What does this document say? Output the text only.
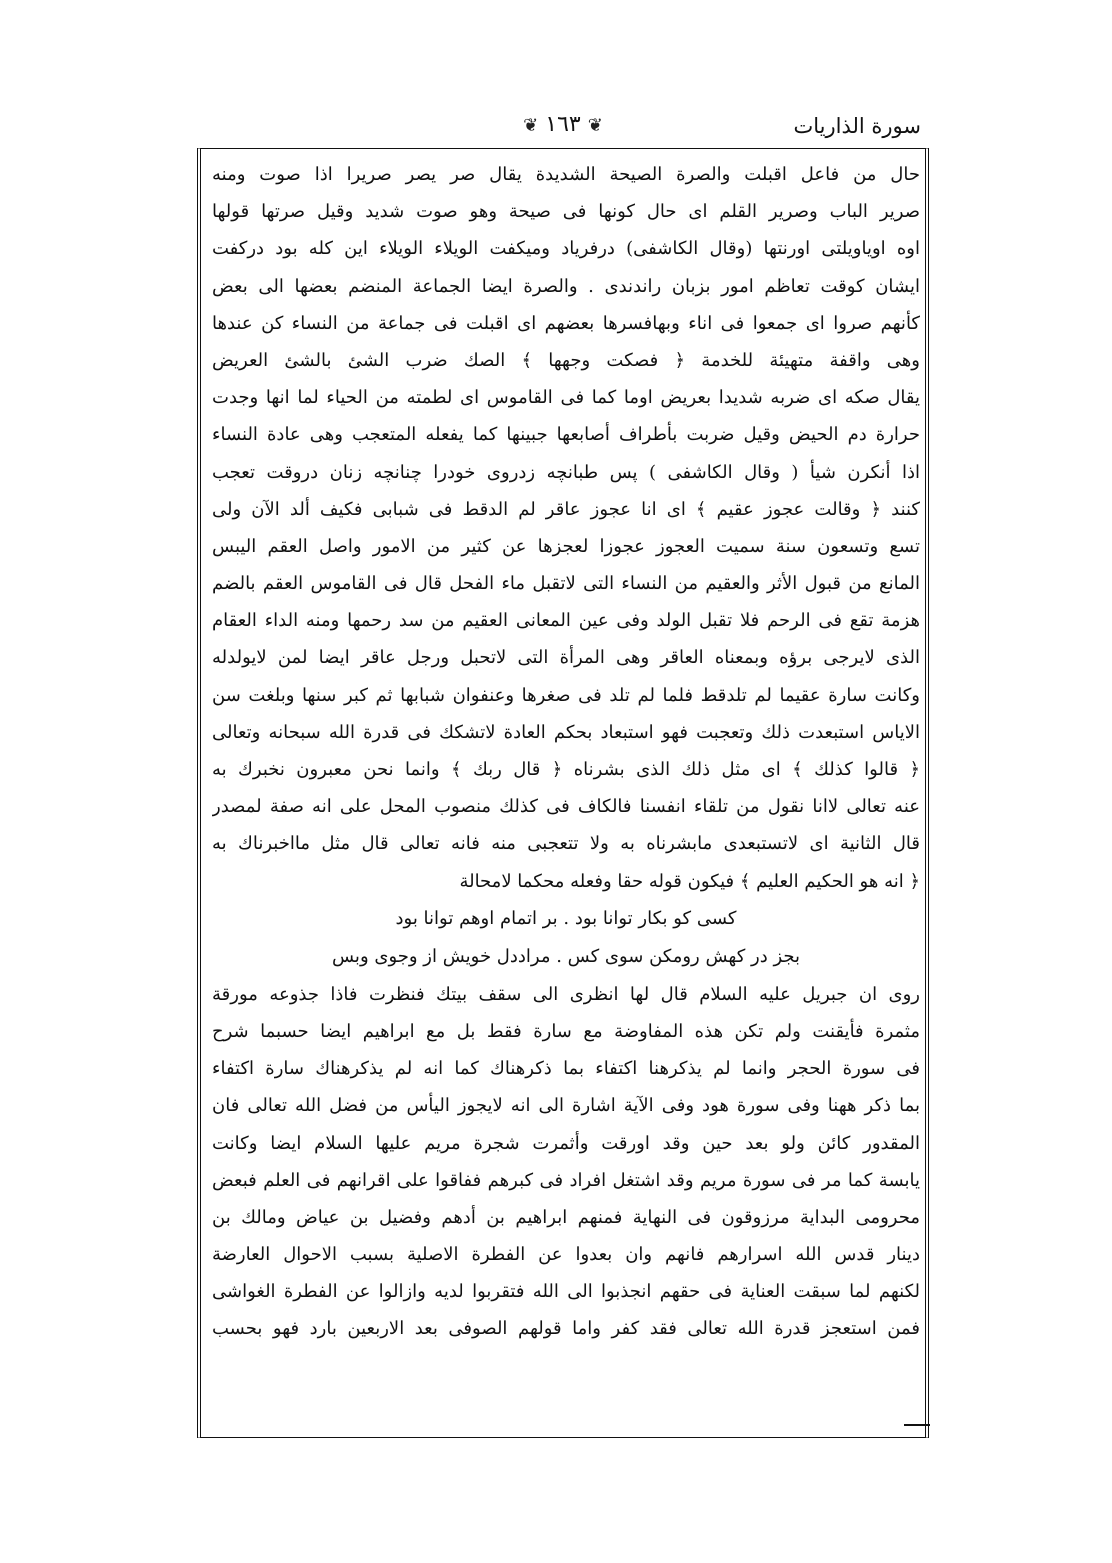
سورة الذاريات
❦ ١٦٣ ❦
حال من فاعل اقبلت والصرة الصيحة الشديدة يقال صر يصر صريرا اذا صوت ومنه
صرير الباب وصرير القلم اى حال كونها فى صيحة وهو صوت شديد وقيل صرتها قولها
اوه اوياويلتى اورنتها (وقال الكاشفى) درفرياد وميكفت الويلاء الويلاء اين كله بود دركفت
ايشان كوقت تعاظم امور بزبان راندندى . والصرة ايضا الجماعة المنضم بعضها الى بعض
كأنهم صروا اى جمعوا فى اناء وبهافسرها بعضهم اى اقبلت فى جماعة من النساء كن عندها
وهى واقفة متهيئة للخدمة ﴿ فصكت وجهها ﴾ الصك ضرب الشئ بالشئ العريض
يقال صكه اى ضربه شديدا بعريض اوما كما فى القاموس اى لطمته من الحياء لما انها وجدت
حرارة دم الحيض وقيل ضربت بأطراف أصابعها جبينها كما يفعله المتعجب وهى عادة النساء
اذا أنكرن شيأ ( وقال الكاشفى ) پس طبانچه زدروى خودرا چنانچه زنان دروقت تعجب
كنند ﴿ وقالت عجوز عقيم ﴾ اى انا عجوز عاقر لم الدقط فى شبابى فكيف ألد الآن ولى
تسع وتسعون سنة سميت العجوز عجوزا لعجزها عن كثير من الامور واصل العقم اليبس
المانع من قبول الأثر والعقيم من النساء التى لاتقبل ماء الفحل قال فى القاموس العقم بالضم
هزمة تقع فى الرحم فلا تقبل الولد وفى عين المعانى العقيم من سد رحمها ومنه الداء العقام
الذى لايرجى برؤه وبمعناه العاقر وهى المرأة التى لاتحبل ورجل عاقر ايضا لمن لايولدله
وكانت سارة عقيما لم تلدقط فلما لم تلد فى صغرها وعنفوان شبابها ثم كبر سنها وبلغت سن
الاياس استبعدت ذلك وتعجبت فهو استبعاد بحكم العادة لاتشكك فى قدرة الله سبحانه وتعالى
﴿ قالوا كذلك ﴾ اى مثل ذلك الذى بشرناه ﴿ قال ربك ﴾ وانما نحن معبرون نخبرك به
عنه تعالى لاانا نقول من تلقاء انفسنا فالكاف فى كذلك منصوب المحل على انه صفة لمصدر
قال الثانية اى لاتستبعدى مابشرناه به ولا تتعجبى منه فانه تعالى قال مثل مااخبرناك به
﴿ انه هو الحكيم العليم ﴾ فيكون قوله حقا وفعله محكما لامحالة
كسى كو بكار توانا بود . بر اتمام اوهم توانا بود
بجز در كهش رومكن سوى كس . مراددل خويش از وجوى وبس
روى ان جبريل عليه السلام قال لها انظرى الى سقف بيتك فنظرت فاذا جذوعه مورقة
مثمرة فأيقنت ولم تكن هذه المفاوضة مع سارة فقط بل مع ابراهيم ايضا حسبما شرح
فى سورة الحجر وانما لم يذكرهنا اكتفاء بما ذكرهناك كما انه لم يذكرهناك سارة اكتفاء
بما ذكر ههنا وفى سورة هود وفى الآية اشارة الى انه لايجوز اليأس من فضل الله تعالى فان
المقدور كائن ولو بعد حين وقد اورقت وأثمرت شجرة مريم عليها السلام ايضا وكانت
يابسة كما مر فى سورة مريم وقد اشتغل افراد فى كبرهم ففاقوا على اقرانهم فى العلم فبعض
محرومى البداية مرزوقون فى النهاية فمنهم ابراهيم بن أدهم وفضيل بن عياض ومالك بن
دينار قدس الله اسرارهم فانهم وان بعدوا عن الفطرة الاصلية بسبب الاحوال العارضة
لكنهم لما سبقت العناية فى حقهم انجذبوا الى الله فتقربوا لديه وازالوا عن الفطرة الغواشى
فمن استعجز قدرة الله تعالى فقد كفر واما قولهم الصوفى بعد الاربعين بارد فهو بحسب
